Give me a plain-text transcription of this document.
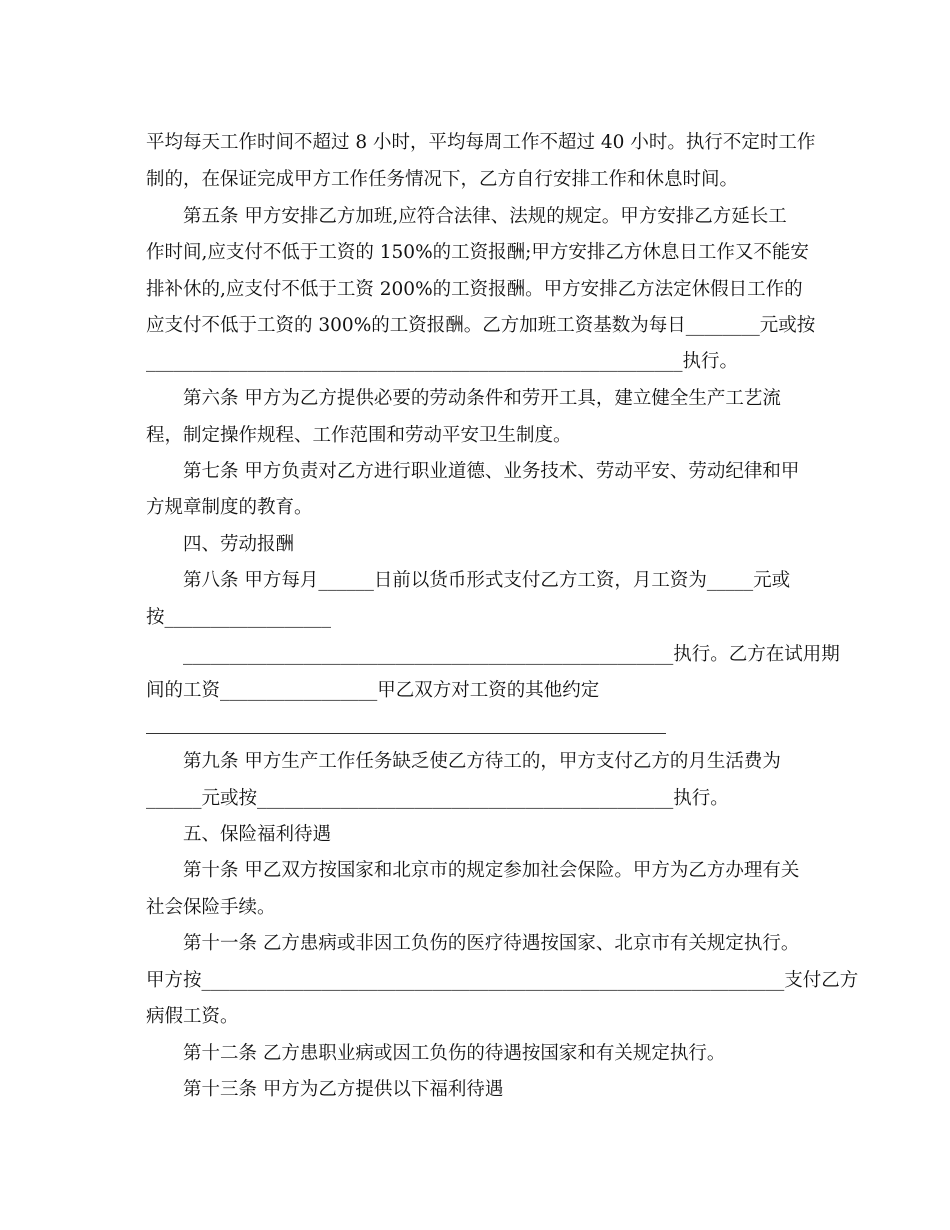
平均每天工作时间不超过 8 小时，平均每周工作不超过 40 小时。执行不定时工作

制的，在保证完成甲方工作任务情况下，乙方自行安排工作和休息时间。

第五条 甲方安排乙方加班,应符合法律、法规的规定。甲方安排乙方延长工

作时间,应支付不低于工资的 150%的工资报酬;甲方安排乙方休息日工作又不能安

排补休的,应支付不低于工资 200%的工资报酬。甲方安排乙方法定休假日工作的

应支付不低于工资的 300%的工资报酬。乙方加班工资基数为每日________元或按

__________________________________________________________执行。

第六条 甲方为乙方提供必要的劳动条件和劳开工具，建立健全生产工艺流

程，制定操作规程、工作范围和劳动平安卫生制度。

第七条 甲方负责对乙方进行职业道德、业务技术、劳动平安、劳动纪律和甲

方规章制度的教育。

四、劳动报酬

第八条 甲方每月______日前以货币形式支付乙方工资，月工资为_____元或

按__________________

_____________________________________________________执行。乙方在试用期

间的工资_________________甲乙双方对工资的其他约定

第九条 甲方生产工作任务缺乏使乙方待工的，甲方支付乙方的月生活费为

______元或按_____________________________________________执行。

五、保险福利待遇

第十条 甲乙双方按国家和北京市的规定参加社会保险。甲方为乙方办理有关

社会保险手续。

第十一条 乙方患病或非因工负伤的医疗待遇按国家、北京市有关规定执行。

甲方按_______________________________________________________________支付乙方

病假工资。

第十二条 乙方患职业病或因工负伤的待遇按国家和有关规定执行。

第十三条 甲方为乙方提供以下福利待遇
